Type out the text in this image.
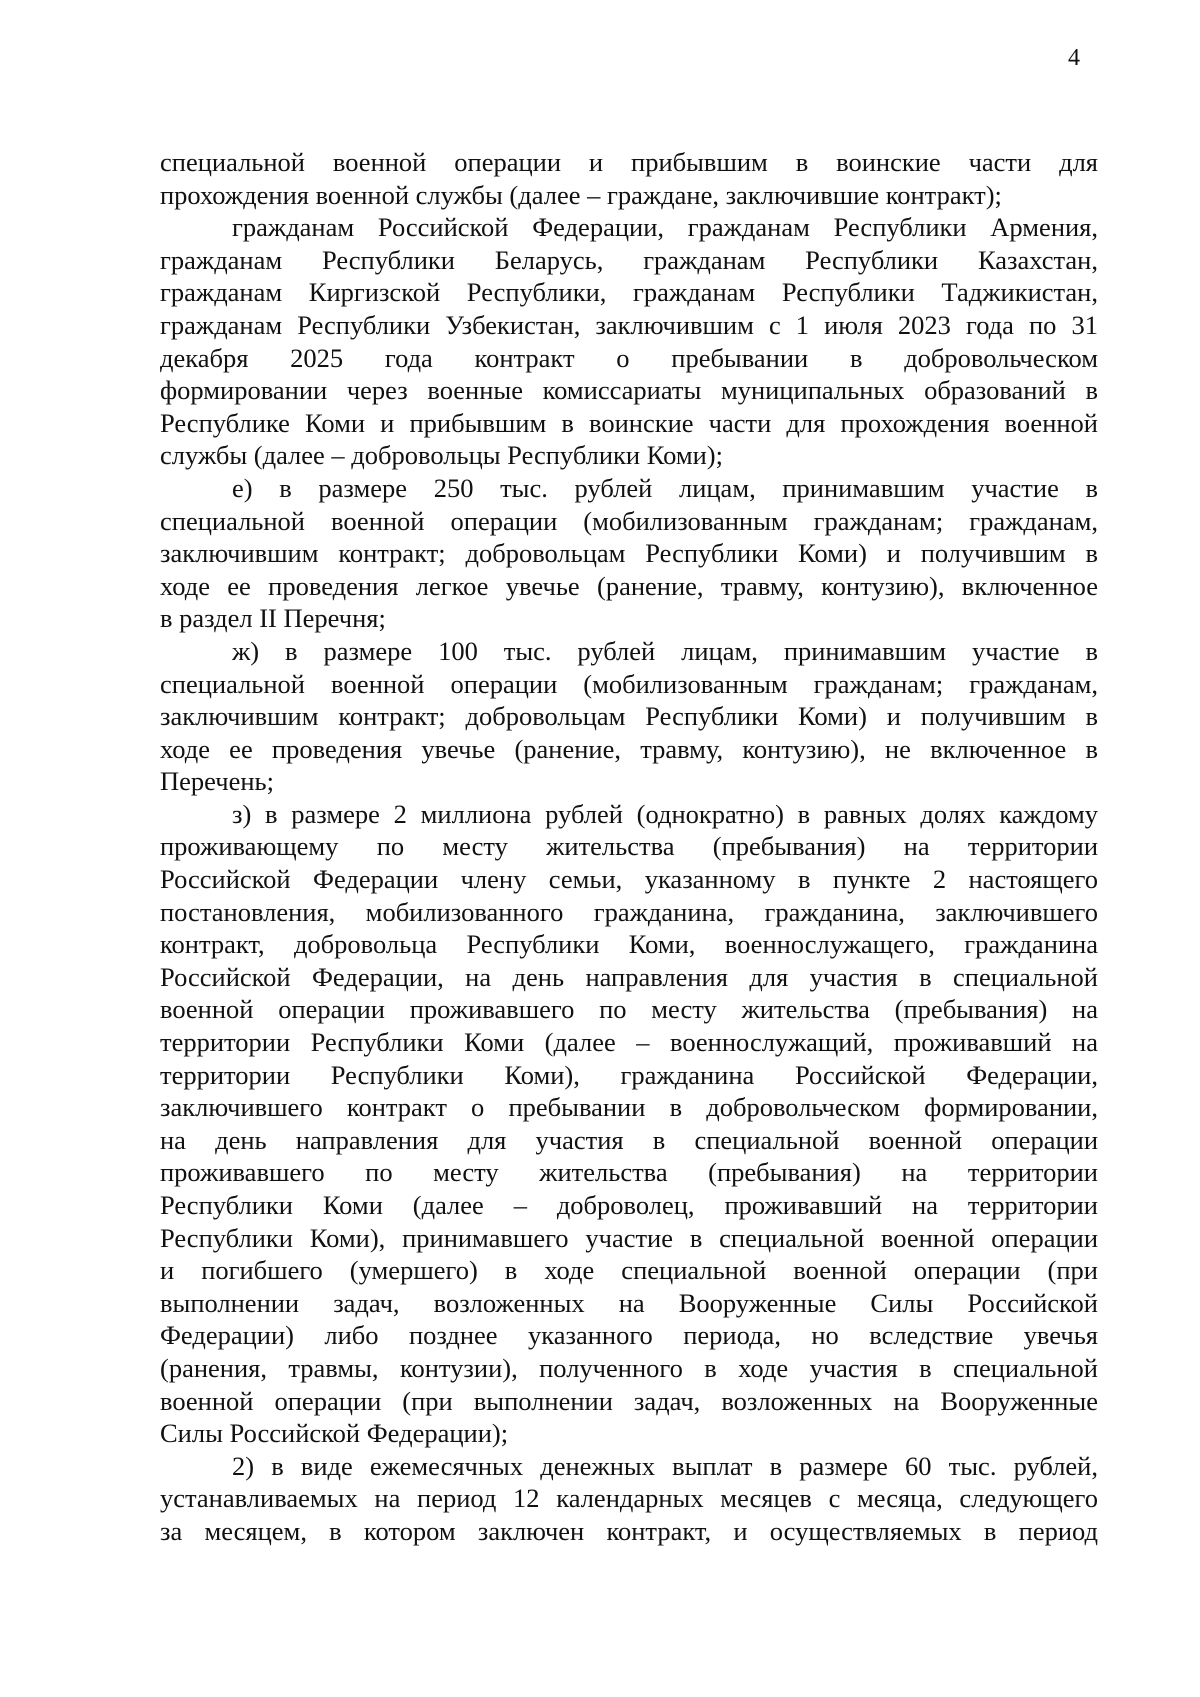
4
специальной военной операции и прибывшим в воинские части для
прохождения военной службы (далее – граждане, заключившие контракт);
гражданам Российской Федерации, гражданам Республики Армения,
гражданам Республики Беларусь, гражданам Республики Казахстан,
гражданам Киргизской Республики, гражданам Республики Таджикистан,
гражданам Республики Узбекистан, заключившим с 1 июля 2023 года по 31
декабря 2025 года контракт о пребывании в добровольческом
формировании через военные комиссариаты муниципальных образований в
Республике Коми и прибывшим в воинские части для прохождения военной
службы (далее – добровольцы Республики Коми);
е) в размере 250 тыс. рублей лицам, принимавшим участие в
специальной военной операции (мобилизованным гражданам; гражданам,
заключившим контракт; добровольцам Республики Коми) и получившим в
ходе ее проведения легкое увечье (ранение, травму, контузию), включенное
в раздел II Перечня;
ж) в размере 100 тыс. рублей лицам, принимавшим участие в
специальной военной операции (мобилизованным гражданам; гражданам,
заключившим контракт; добровольцам Республики Коми) и получившим в
ходе ее проведения увечье (ранение, травму, контузию), не включенное в
Перечень;
з) в размере 2 миллиона рублей (однократно) в равных долях каждому
проживающему по месту жительства (пребывания) на территории
Российской Федерации члену семьи, указанному в пункте 2 настоящего
постановления, мобилизованного гражданина, гражданина, заключившего
контракт, добровольца Республики Коми, военнослужащего, гражданина
Российской Федерации, на день направления для участия в специальной
военной операции проживавшего по месту жительства (пребывания) на
территории Республики Коми (далее – военнослужащий, проживавший на
территории Республики Коми), гражданина Российской Федерации,
заключившего контракт о пребывании в добровольческом формировании,
на день направления для участия в специальной военной операции
проживавшего по месту жительства (пребывания) на территории
Республики Коми (далее – доброволец, проживавший на территории
Республики Коми), принимавшего участие в специальной военной операции
и погибшего (умершего) в ходе специальной военной операции (при
выполнении задач, возложенных на Вооруженные Силы Российской
Федерации) либо позднее указанного периода, но вследствие увечья
(ранения, травмы, контузии), полученного в ходе участия в специальной
военной операции (при выполнении задач, возложенных на Вооруженные
Силы Российской Федерации);
2) в виде ежемесячных денежных выплат в размере 60 тыс. рублей,
устанавливаемых на период 12 календарных месяцев с месяца, следующего
за месяцем, в котором заключен контракт, и осуществляемых в период
